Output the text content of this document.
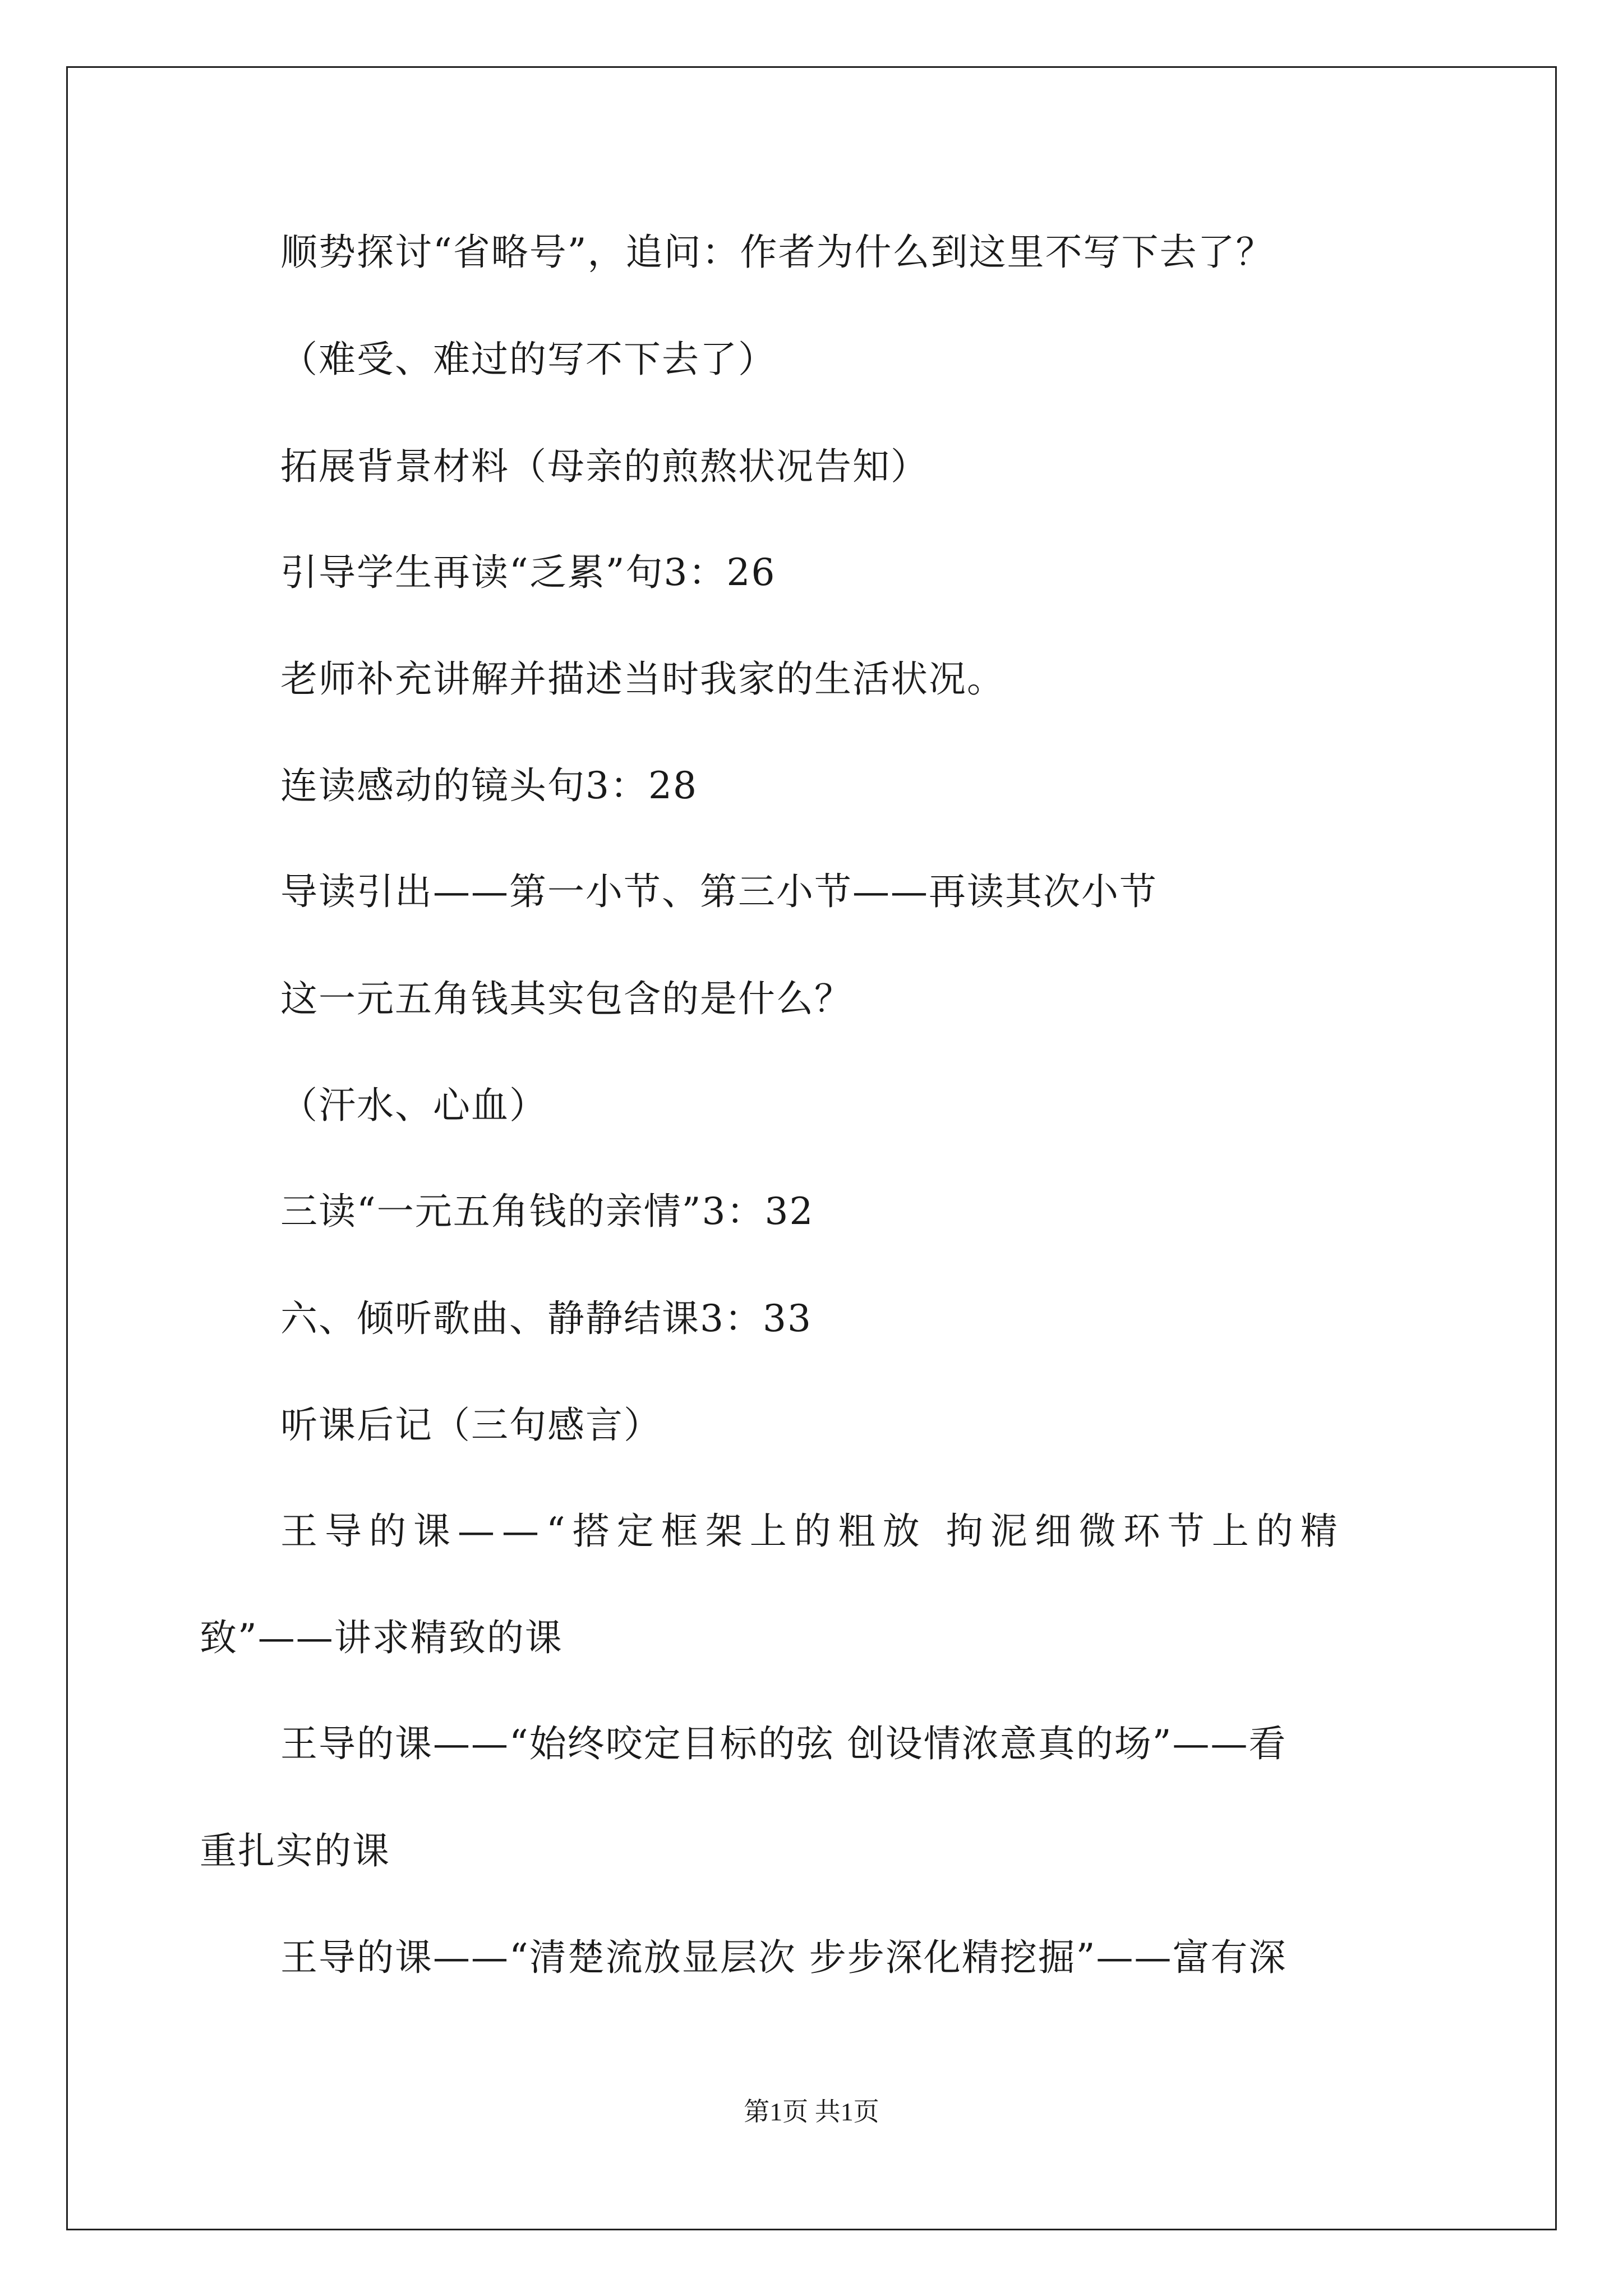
顺势探讨“省略号”，追问：作者为什么到这里不写下去了？
（难受、难过的写不下去了）
拓展背景材料（母亲的煎熬状况告知）
引导学生再读“乏累”句3：26
老师补充讲解并描述当时我家的生活状况。
连读感动的镜头句3：28
导读引出——第一小节、第三小节——再读其次小节
这一元五角钱其实包含的是什么？
（汗水、心血）
三读“一元五角钱的亲情”3：32
六、倾听歌曲、静静结课3：33
听课后记（三句感言）
王导的课——“搭定框架上的粗放 拘泥细微环节上的精
致”——讲求精致的课
王导的课——“始终咬定目标的弦 创设情浓意真的场”——看
重扎实的课
王导的课——“清楚流放显层次 步步深化精挖掘”——富有深
第1页 共1页
